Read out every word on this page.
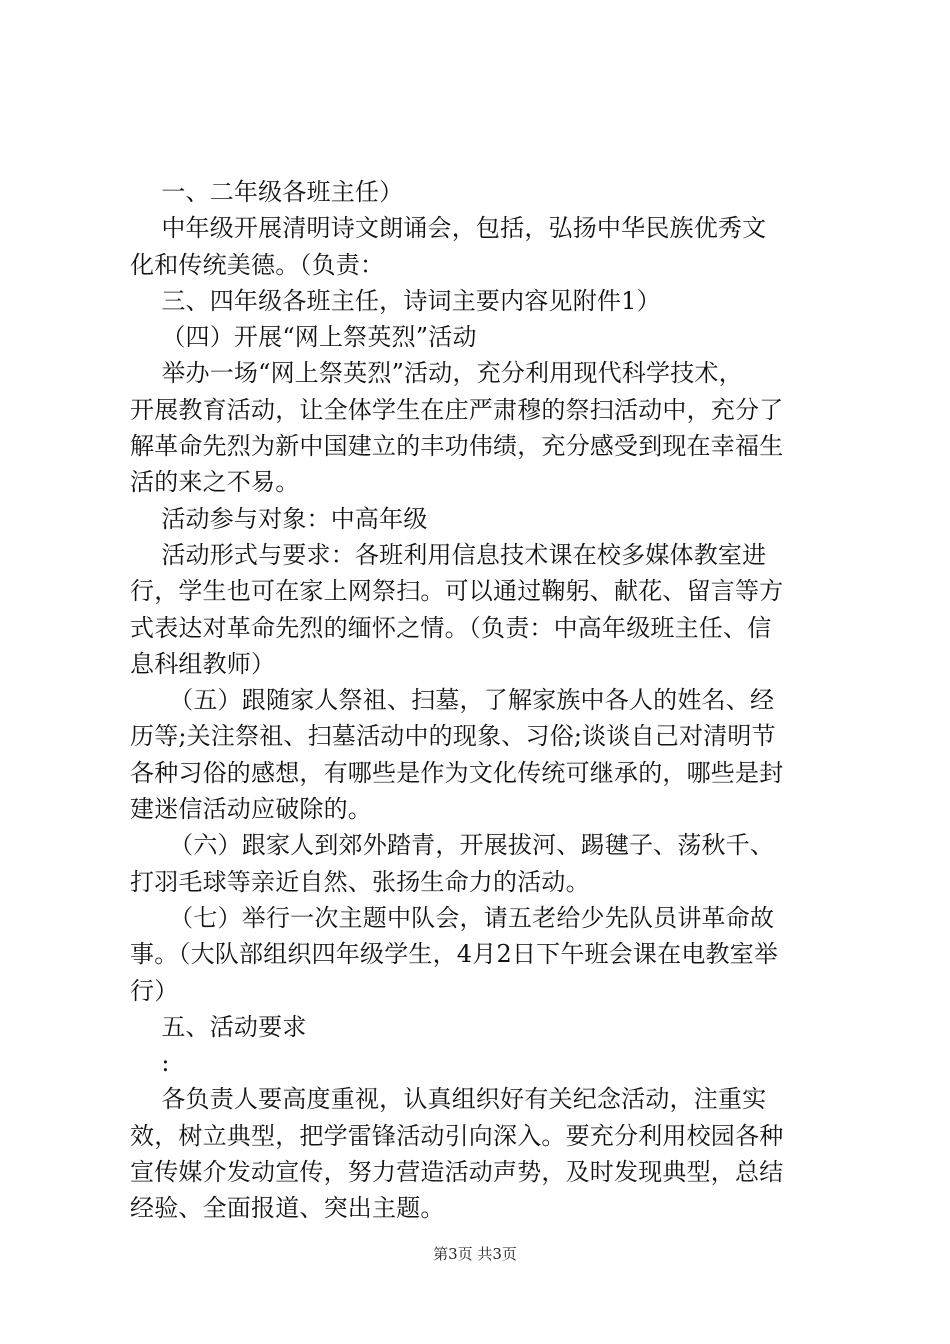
一、二年级各班主任）
中年级开展清明诗文朗诵会，包括，弘扬中华民族优秀文
化和传统美德。（负责：
三、四年级各班主任，诗词主要内容见附件1）
（四）开展“网上祭英烈”活动
举办一场“网上祭英烈”活动，充分利用现代科学技术，
开展教育活动，让全体学生在庄严肃穆的祭扫活动中，充分了
解革命先烈为新中国建立的丰功伟绩，充分感受到现在幸福生
活的来之不易。
活动参与对象：中高年级
活动形式与要求：各班利用信息技术课在校多媒体教室进
行，学生也可在家上网祭扫。可以通过鞠躬、献花、留言等方
式表达对革命先烈的缅怀之情。（负责：中高年级班主任、信
息科组教师）
（五）跟随家人祭祖、扫墓，了解家族中各人的姓名、经
历等;关注祭祖、扫墓活动中的现象、习俗;谈谈自己对清明节
各种习俗的感想，有哪些是作为文化传统可继承的，哪些是封
建迷信活动应破除的。
（六）跟家人到郊外踏青，开展拔河、踢毽子、荡秋千、
打羽毛球等亲近自然、张扬生命力的活动。
（七）举行一次主题中队会，请五老给少先队员讲革命故
事。（大队部组织四年级学生，4月2日下午班会课在电教室举
行）
五、活动要求
:
各负责人要高度重视，认真组织好有关纪念活动，注重实
效，树立典型，把学雷锋活动引向深入。要充分利用校园各种
宣传媒介发动宣传，努力营造活动声势，及时发现典型，总结
经验、全面报道、突出主题。
第3页 共3页
